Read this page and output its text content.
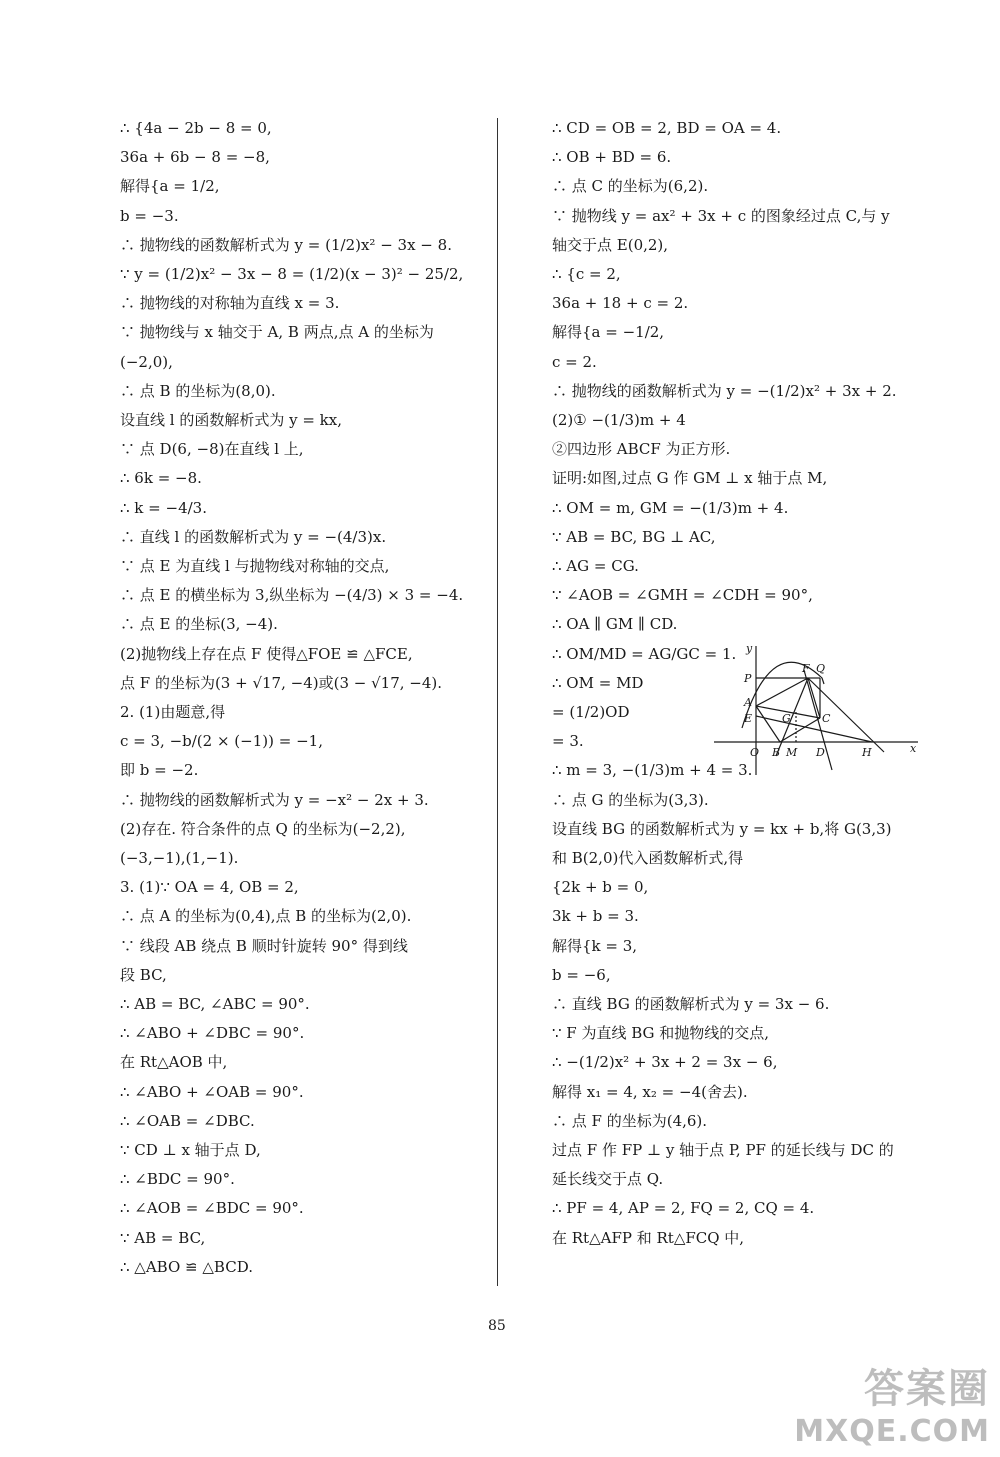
∴ {4a − 2b − 8 = 0,
36a + 6b − 8 = −8,
解得{a = 1/2,
b = −3.
∴ 抛物线的函数解析式为 y = (1/2)x² − 3x − 8.
∵ y = (1/2)x² − 3x − 8 = (1/2)(x − 3)² − 25/2,
∴ 抛物线的对称轴为直线 x = 3.
∵ 抛物线与 x 轴交于 A, B 两点,点 A 的坐标为
(−2,0),
∴ 点 B 的坐标为(8,0).
设直线 l 的函数解析式为 y = kx,
∵ 点 D(6, −8)在直线 l 上,
∴ 6k = −8.
∴ k = −4/3.
∴ 直线 l 的函数解析式为 y = −(4/3)x.
∵ 点 E 为直线 l 与抛物线对称轴的交点,
∴ 点 E 的横坐标为 3,纵坐标为 −(4/3) × 3 = −4.
∴ 点 E 的坐标(3, −4).
(2)抛物线上存在点 F 使得△FOE ≌ △FCE,
点 F 的坐标为(3 + √17, −4)或(3 − √17, −4).
2. (1)由题意,得
c = 3, −b/(2 × (−1)) = −1,
即 b = −2.
∴ 抛物线的函数解析式为 y = −x² − 2x + 3.
(2)存在. 符合条件的点 Q 的坐标为(−2,2),
(−3,−1),(1,−1).
3. (1)∵ OA = 4, OB = 2,
∴ 点 A 的坐标为(0,4),点 B 的坐标为(2,0).
∵ 线段 AB 绕点 B 顺时针旋转 90° 得到线
段 BC,
∴ AB = BC, ∠ABC = 90°.
∴ ∠ABO + ∠DBC = 90°.
在 Rt△AOB 中,
∴ ∠ABO + ∠OAB = 90°.
∴ ∠OAB = ∠DBC.
∵ CD ⊥ x 轴于点 D,
∴ ∠BDC = 90°.
∴ ∠AOB = ∠BDC = 90°.
∵ AB = BC,
∴ △ABO ≌ △BCD.
∴ CD = OB = 2, BD = OA = 4.
∴ OB + BD = 6.
∴ 点 C 的坐标为(6,2).
∵ 抛物线 y = ax² + 3x + c 的图象经过点 C,与 y
轴交于点 E(0,2),
∴ {c = 2,
36a + 18 + c = 2.
解得{a = −1/2,
c = 2.
∴ 抛物线的函数解析式为 y = −(1/2)x² + 3x + 2.
(2)① −(1/3)m + 4
②四边形 ABCF 为正方形.
证明:如图,过点 G 作 GM ⊥ x 轴于点 M,
∴ OM = m, GM = −(1/3)m + 4.
∵ AB = BC, BG ⊥ AC,
∴ AG = CG.
∵ ∠AOB = ∠GMH = ∠CDH = 90°,
∴ OA ∥ GM ∥ CD.
∴ OM/MD = AG/GC = 1.
∴ OM = MD
= (1/2)OD
= 3.
∴ m = 3, −(1/3)m + 4 = 3.
∴ 点 G 的坐标为(3,3).
设直线 BG 的函数解析式为 y = kx + b,将 G(3,3)
和 B(2,0)代入函数解析式,得
{2k + b = 0,
3k + b = 3.
解得{k = 3,
b = −6,
∴ 直线 BG 的函数解析式为 y = 3x − 6.
∵ F 为直线 BG 和抛物线的交点,
∴ −(1/2)x² + 3x + 2 = 3x − 6,
解得 x₁ = 4, x₂ = −4(舍去).
∴ 点 F 的坐标为(4,6).
过点 F 作 FP ⊥ y 轴于点 P, PF 的延长线与 DC 的
延长线交于点 Q.
∴ PF = 4, AP = 2, FQ = 2, CQ = 4.
在 Rt△AFP 和 Rt△FCQ 中,
y
x
F Q
P
A
E	G	C
O B M D	H
85
答案圈
MXQE.COM
